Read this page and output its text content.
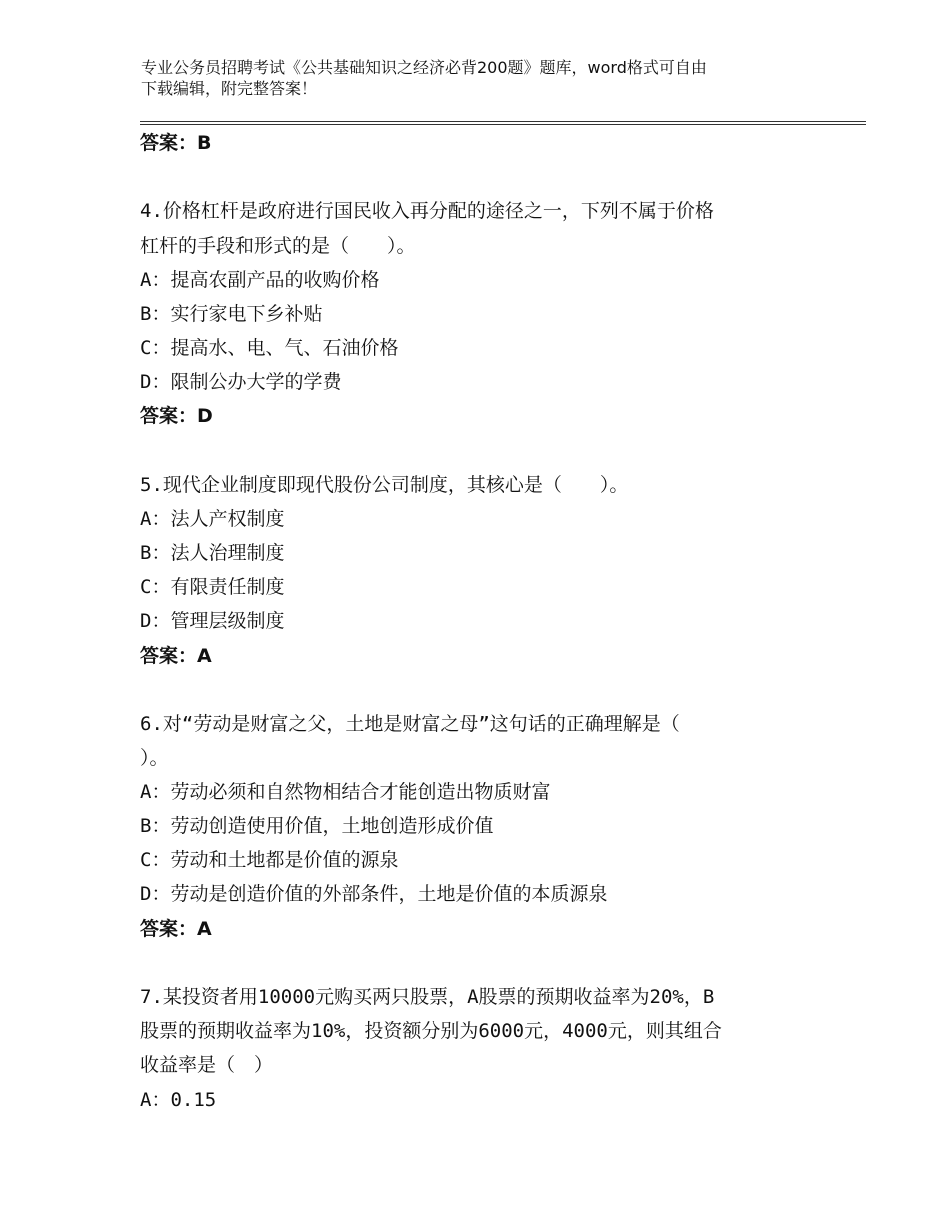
专业公务员招聘考试《公共基础知识之经济必背200题》题库，word格式可自由
下载编辑，附完整答案！
答案：B
4.价格杠杆是政府进行国民收入再分配的途径之一，下列不属于价格
杠杆的手段和形式的是（　　）。
A：提高农副产品的收购价格
B：实行家电下乡补贴
C：提高水、电、气、石油价格
D：限制公办大学的学费
答案：D
5.现代企业制度即现代股份公司制度，其核心是（　　）。
A：法人产权制度
B：法人治理制度
C：有限责任制度
D：管理层级制度
答案：A
6.对“劳动是财富之父，土地是财富之母”这句话的正确理解是（
）。
A：劳动必须和自然物相结合才能创造出物质财富
B：劳动创造使用价值，土地创造形成价值
C：劳动和土地都是价值的源泉
D：劳动是创造价值的外部条件，土地是价值的本质源泉
答案：A
7.某投资者用10000元购买两只股票，A股票的预期收益率为20%，B
股票的预期收益率为10%，投资额分别为6000元，4000元，则其组合
收益率是（　）
A：0.15
